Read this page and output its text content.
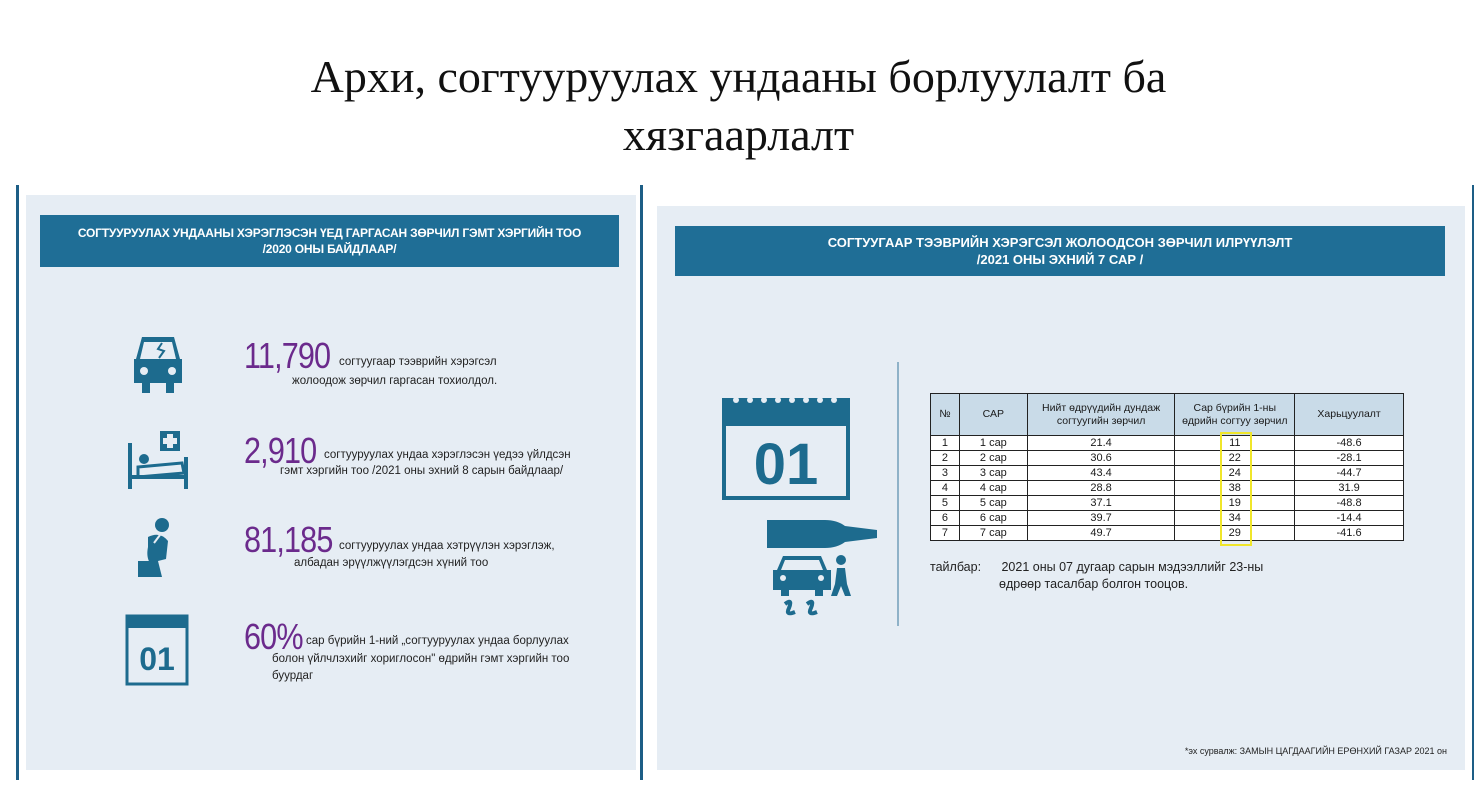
Архи, согтууруулах ундааны борлуулалт ба
хязгаарлалт
СОГТУУРУУЛАХ УНДААНЫ ХЭРЭГЛЭСЭН ҮЕД ГАРГАСАН ЗӨРЧИЛ ГЭМТ ХЭРГИЙН ТОО
/2020 ОНЫ БАЙДЛААР/
11,790 согтуугаар тээврийн хэрэгсэл
жолоодож зөрчил гаргасан тохиолдол.
2,910 согтууруулах ундаа хэрэглэсэн үедээ үйлдсэн
гэмт хэргийн тоо /2021 оны эхний 8 сарын байдлаар/
81,185 согтууруулах ундаа хэтрүүлэн хэрэглэж,
албадан эрүүлжүүлэгдсэн хүний тоо
01
60% сар бүрийн 1-ний „согтууруулах ундаа борлуулах
болон үйлчлэхийг хориглосон" өдрийн гэмт хэргийн тоо
буурдаг
СОГТУУГААР ТЭЭВРИЙН ХЭРЭГСЭЛ ЖОЛООДСОН ЗӨРЧИЛ ИЛРҮҮЛЭЛТ
/2021 ОНЫ ЭХНИЙ 7 САР /
01
№	САР	Нийт өдрүүдийн дундаж согтуугийн зөрчил	Сар бүрийн 1-ны өдрийн согтуу зөрчил	Харьцуулалт
1	1 сар	21.4	11	-48.6
2	2 сар	30.6	22	-28.1
3	3 сар	43.4	24	-44.7
4	4 сар	28.8	38	31.9
5	5 сар	37.1	19	-48.8
6	6 сар	39.7	34	-14.4
7	7 сар	49.7	29	-41.6
тайлбар: 2021 оны 07 дугаар сарын мэдээллийг 23-ны
өдрөөр тасалбар болгон тооцов.
*эх сурвалж: ЗАМЫН ЦАГДААГИЙН ЕРӨНХИЙ ГАЗАР 2021 он
